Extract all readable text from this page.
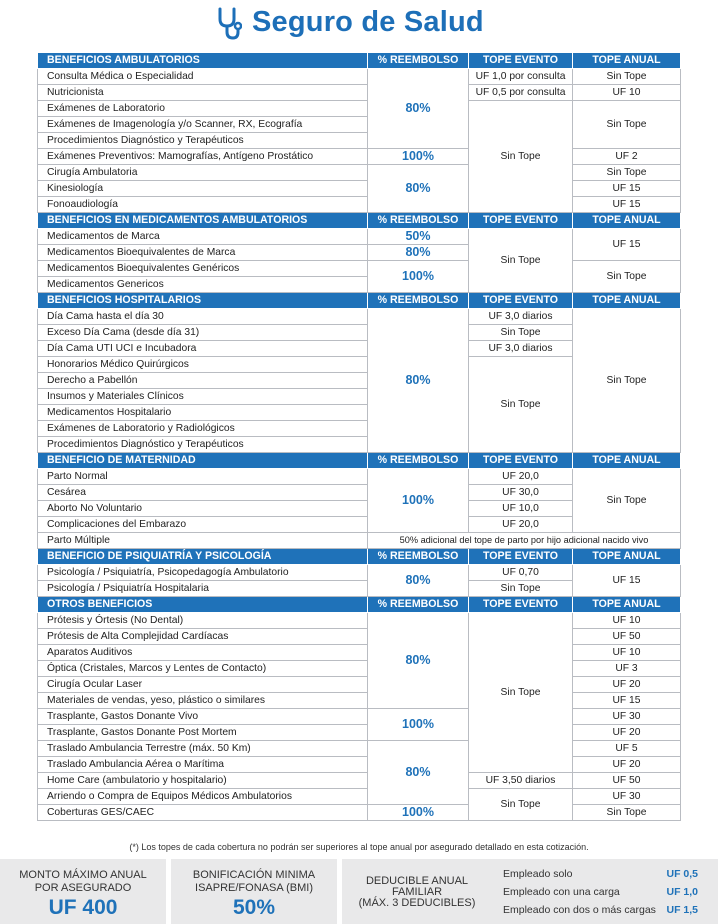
Seguro de Salud
BENEFICIOS AMBULATORIOS	% REEMBOLSO	TOPE EVENTO	TOPE ANUAL
Consulta Médica o Especialidad	80%	UF 1,0 por consulta	Sin Tope
Nutricionista		UF 0,5 por consulta	UF 10
Exámenes de Laboratorio		Sin Tope	Sin Tope
Exámenes de Imagenología y/o Scanner, RX, Ecografía			
Procedimientos Diagnóstico y Terapéuticos			
Exámenes Preventivos: Mamografías, Antígeno Prostático	100%		UF 2
Cirugía Ambulatoria	80%		Sin Tope
Kinesiología			UF 15
Fonoaudiología			UF 15
BENEFICIOS EN MEDICAMENTOS AMBULATORIOS	% REEMBOLSO	TOPE EVENTO	TOPE ANUAL
Medicamentos de Marca	50%	Sin Tope	UF 15
Medicamentos Bioequivalentes de Marca	80%		
Medicamentos Bioequivalentes Genéricos	100%		Sin Tope
Medicamentos Genericos			
BENEFICIOS HOSPITALARIOS	% REEMBOLSO	TOPE EVENTO	TOPE ANUAL
Día Cama hasta el día 30	80%	UF 3,0 diarios	Sin Tope
Exceso Día Cama (desde día 31)		Sin Tope	
Día Cama UTI UCI e Incubadora		UF 3,0 diarios	
Honorarios Médico Quirúrgicos		Sin Tope	
Derecho a Pabellón			
Insumos y Materiales Clínicos			
Medicamentos Hospitalario			
Exámenes de Laboratorio y Radiológicos			
Procedimientos Diagnóstico y Terapéuticos			
BENEFICIO DE MATERNIDAD	% REEMBOLSO	TOPE EVENTO	TOPE ANUAL
Parto Normal	100%	UF 20,0	Sin Tope
Cesárea		UF 30,0	
Aborto No Voluntario		UF 10,0	
Complicaciones del Embarazo		UF 20,0	
Parto Múltiple	50% adicional del tope de parto por hijo adicional nacido vivo		
BENEFICIO DE PSIQUIATRÍA Y PSICOLOGÍA	% REEMBOLSO	TOPE EVENTO	TOPE ANUAL
Psicología / Psiquiatría, Psicopedagogía Ambulatorio	80%	UF 0,70	UF 15
Psicología / Psiquiatría Hospitalaria		Sin Tope	
OTROS BENEFICIOS	% REEMBOLSO	TOPE EVENTO	TOPE ANUAL
Prótesis y Órtesis (No Dental)	80%	Sin Tope	UF 10
Prótesis de Alta Complejidad Cardíacas			UF 50
Aparatos Auditivos			UF 10
Óptica (Cristales, Marcos y Lentes de Contacto)			UF 3
Cirugía Ocular Laser			UF 20
Materiales de vendas, yeso, plástico o similares			UF 15
Trasplante, Gastos Donante Vivo	100%		UF 30
Trasplante, Gastos Donante Post Mortem			UF 20
Traslado Ambulancia Terrestre (máx. 50 Km)	80%		UF 5
Traslado Ambulancia Aérea o Marítima			UF 20
Home Care (ambulatorio y hospitalario)		UF 3,50 diarios	UF 50
Arriendo o Compra de Equipos Médicos Ambulatorios		Sin Tope	UF 30
Coberturas GES/CAEC	100%		Sin Tope
(*) Los topes de cada cobertura no podrán ser superiores al tope anual por asegurado detallado en esta cotización.
MONTO MÁXIMO ANUAL
POR ASEGURADO
UF 400
BONIFICACIÓN MINIMA
ISAPRE/FONASA (BMI)
50%
DEDUCIBLE ANUAL
FAMILIAR
(MÁX. 3 DEDUCIBLES)
Empleado solo	UF 0,5
Empleado con una carga	UF 1,0
Empleado con dos o más cargas UF 1,5
